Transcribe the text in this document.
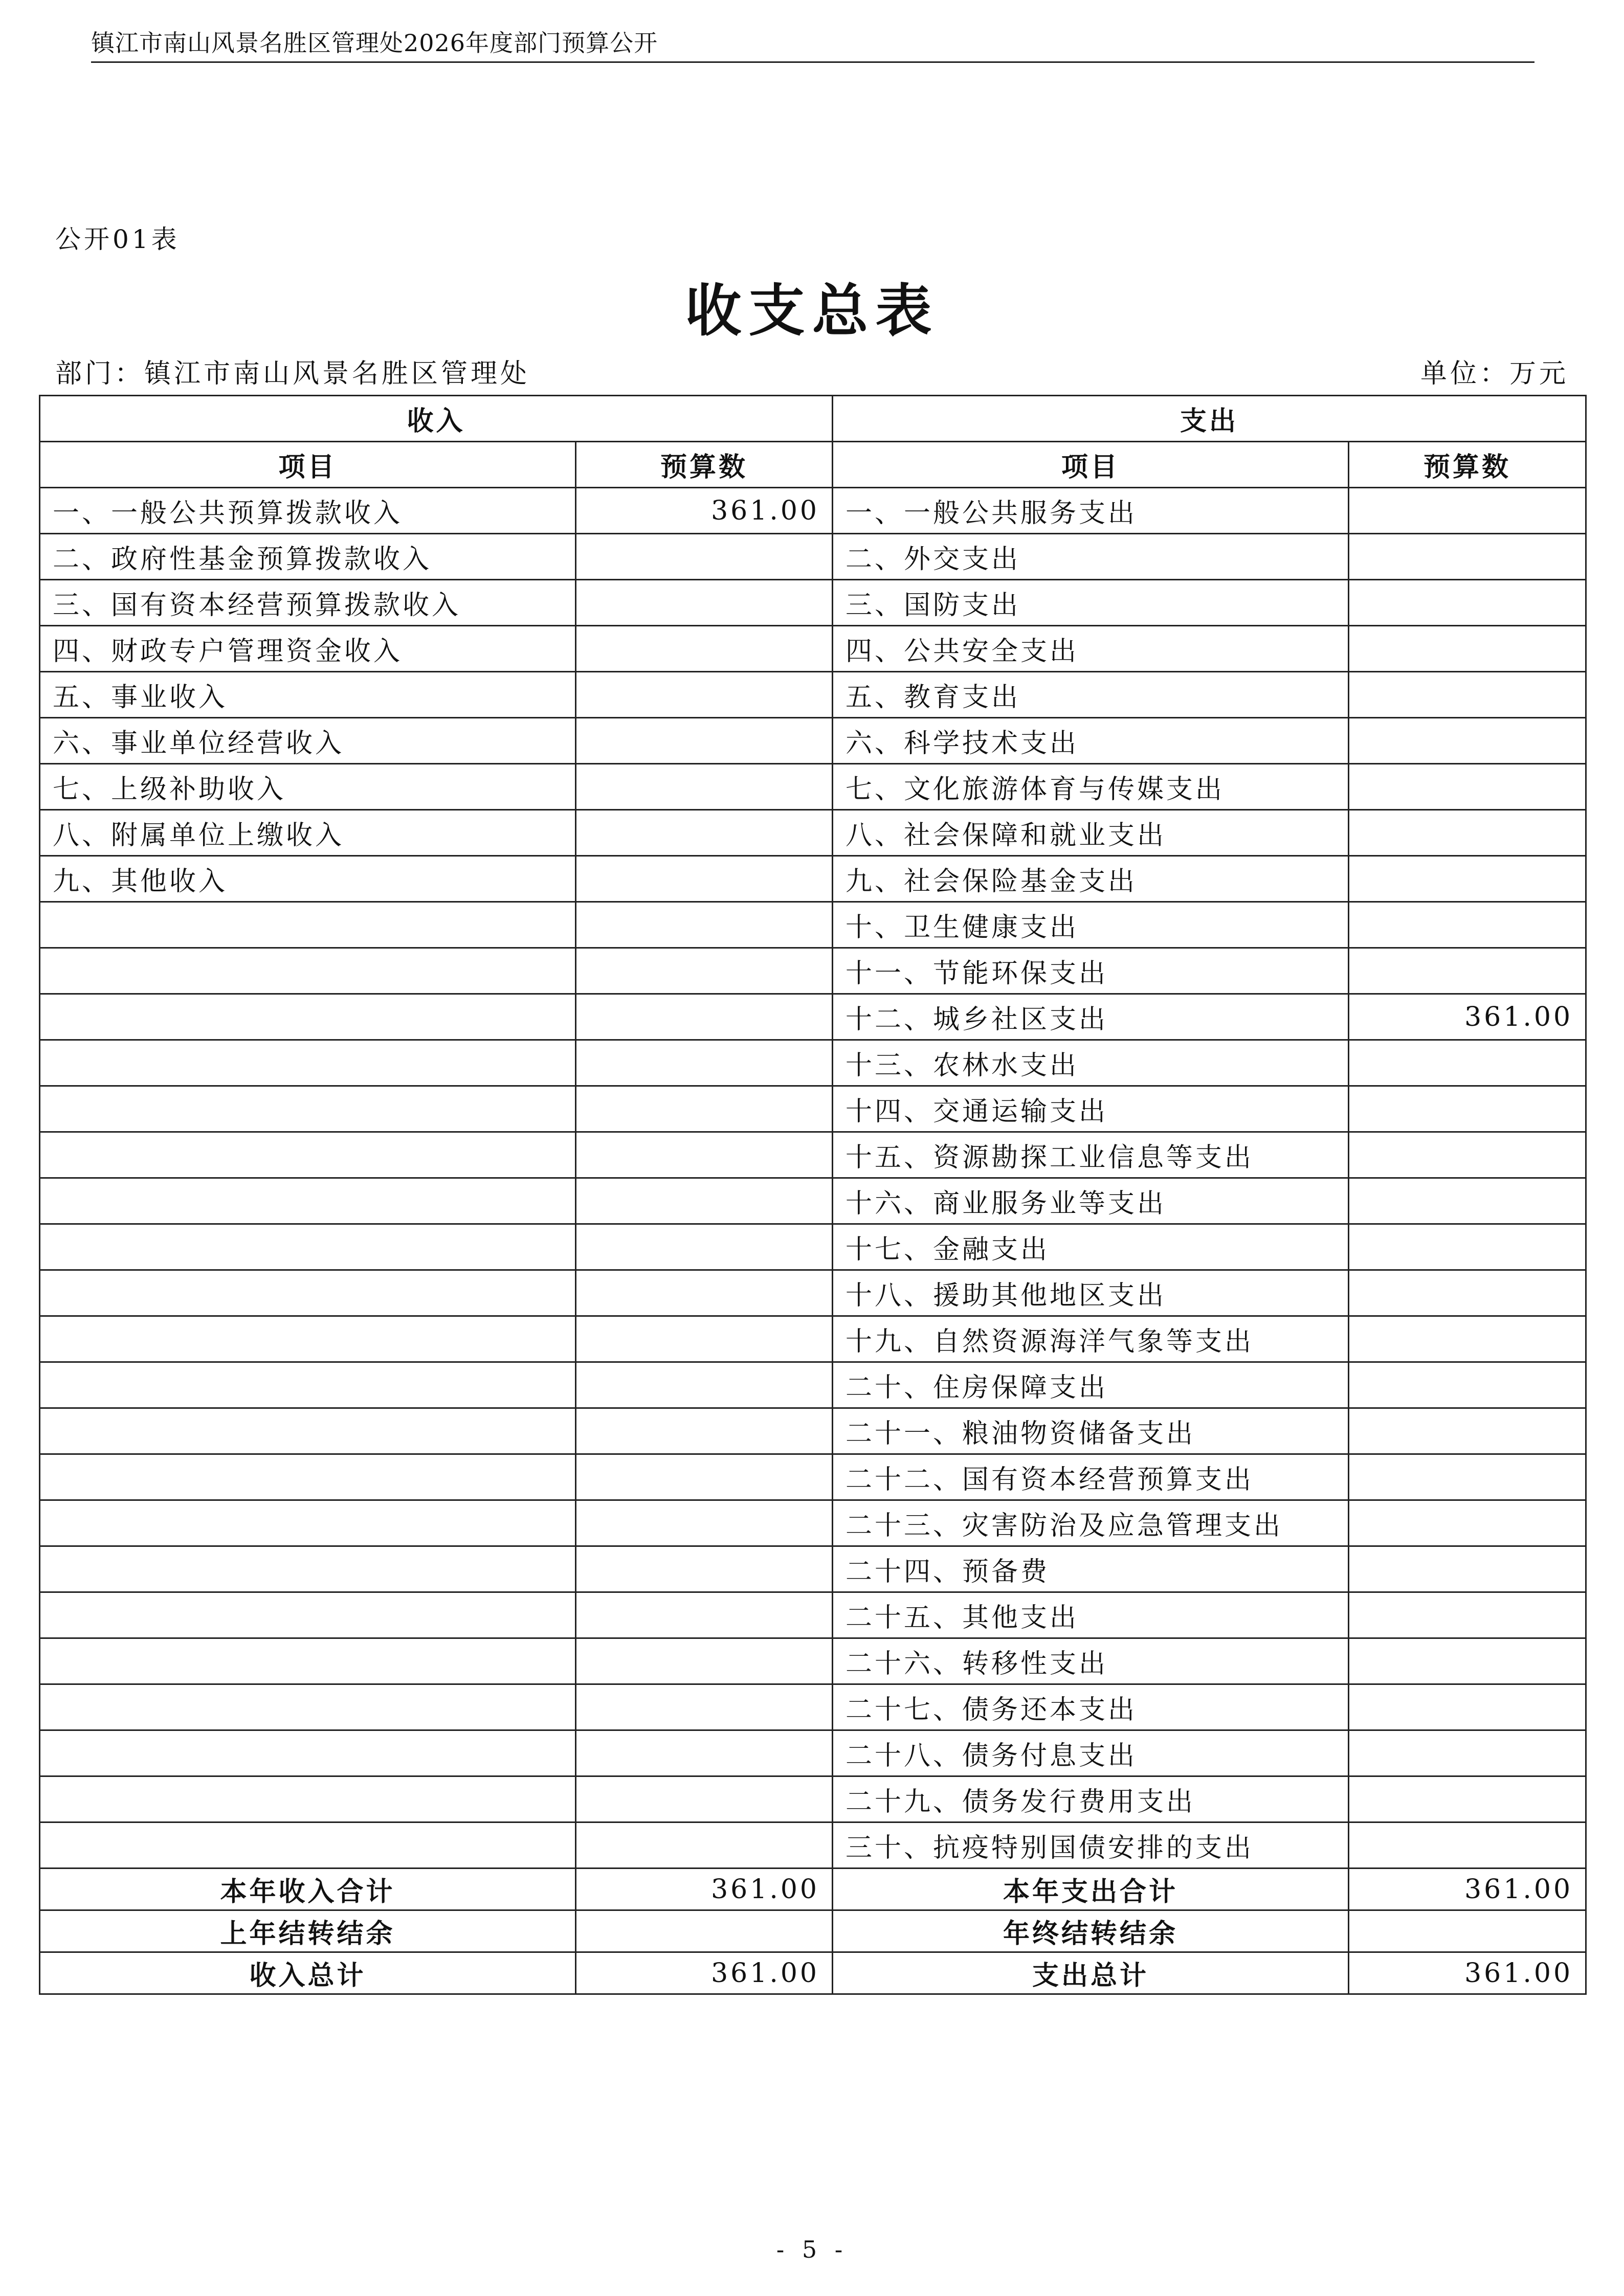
镇江市南山风景名胜区管理处2026年度部门预算公开
公开01表
收支总表
部门：镇江市南山风景名胜区管理处	单位：万元
收入		支出	
项目	预算数	项目	预算数
一、一般公共预算拨款收入	361.00	一、一般公共服务支出	
二、政府性基金预算拨款收入		二、外交支出	
三、国有资本经营预算拨款收入		三、国防支出	
四、财政专户管理资金收入		四、公共安全支出	
五、事业收入		五、教育支出	
六、事业单位经营收入		六、科学技术支出	
七、上级补助收入		七、文化旅游体育与传媒支出	
八、附属单位上缴收入		八、社会保障和就业支出	
九、其他收入		九、社会保险基金支出	
		十、卫生健康支出	
		十一、节能环保支出	
		十二、城乡社区支出	361.00
		十三、农林水支出	
		十四、交通运输支出	
		十五、资源勘探工业信息等支出	
		十六、商业服务业等支出	
		十七、金融支出	
		十八、援助其他地区支出	
		十九、自然资源海洋气象等支出	
		二十、住房保障支出	
		二十一、粮油物资储备支出	
		二十二、国有资本经营预算支出	
		二十三、灾害防治及应急管理支出	
		二十四、预备费	
		二十五、其他支出	
		二十六、转移性支出	
		二十七、债务还本支出	
		二十八、债务付息支出	
		二十九、债务发行费用支出	
		三十、抗疫特别国债安排的支出	
本年收入合计	361.00	本年支出合计	361.00
上年结转结余		年终结转结余	
收入总计	361.00	支出总计	361.00
- 5 -
